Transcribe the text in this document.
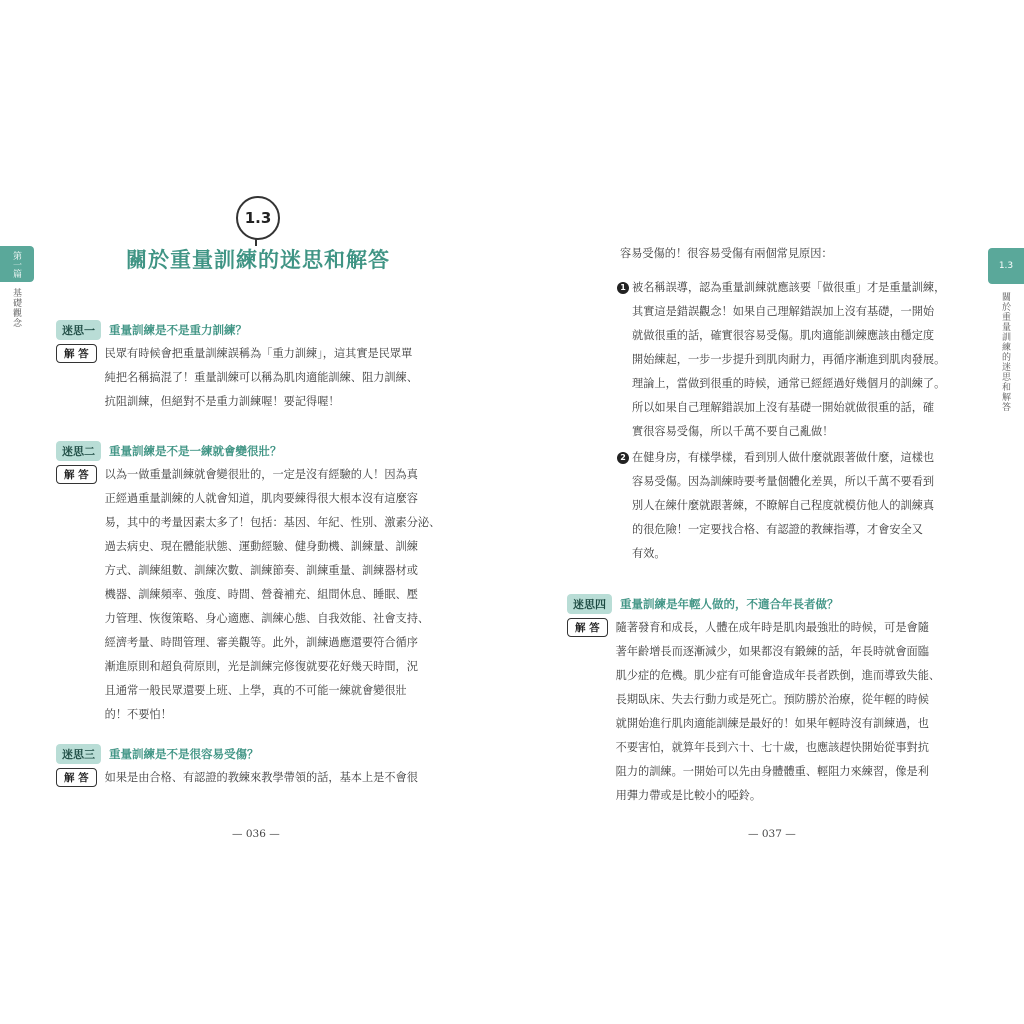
第一篇
基礎觀念
1.3
關於重量訓練的迷思和解答
1.3
關於重量訓練的迷思和解答
迷思一	重量訓練是不是重力訓練？
解 答	民眾有時候會把重量訓練誤稱為「重力訓練」，這其實是民眾單
純把名稱搞混了！重量訓練可以稱為肌肉適能訓練、阻力訓練、
抗阻訓練，但絕對不是重力訓練喔！要記得喔！
迷思二	重量訓練是不是一練就會變很壯？
解 答	以為一做重量訓練就會變很壯的，一定是沒有經驗的人！因為真
正經過重量訓練的人就會知道，肌肉要練得很大根本沒有這麼容
易，其中的考量因素太多了！包括：基因、年紀、性別、激素分泌、
過去病史、現在體能狀態、運動經驗、健身動機、訓練量、訓練
方式、訓練組數、訓練次數、訓練節奏、訓練重量、訓練器材或
機器、訓練頻率、強度、時間、營養補充、組間休息、睡眠、壓
力管理、恢復策略、身心適應、訓練心態、自我效能、社會支持、
經濟考量、時間管理、審美觀等。此外，訓練過應還要符合循序
漸進原則和超負荷原則，光是訓練完修復就要花好幾天時間，況
且通常一般民眾還要上班、上學，真的不可能一練就會變很壯
的！不要怕！
迷思三	重量訓練是不是很容易受傷？
解 答	如果是由合格、有認證的教練來教學帶領的話，基本上是不會很
— 036 —
容易受傷的！很容易受傷有兩個常見原因：
1 被名稱誤導，認為重量訓練就應該要「做很重」才是重量訓練，
其實這是錯誤觀念！如果自己理解錯誤加上沒有基礎，一開始
就做很重的話，確實很容易受傷。肌肉適能訓練應該由穩定度
開始練起，一步一步提升到肌肉耐力，再循序漸進到肌肉發展。
理論上，當做到很重的時候，通常已經經過好幾個月的訓練了。
所以如果自己理解錯誤加上沒有基礎一開始就做很重的話，確
實很容易受傷，所以千萬不要自己亂做！
2 在健身房，有樣學樣，看到別人做什麼就跟著做什麼，這樣也
容易受傷。因為訓練時要考量個體化差異，所以千萬不要看到
別人在練什麼就跟著練，不瞭解自己程度就模仿他人的訓練真
的很危險！一定要找合格、有認證的教練指導，才會安全又
有效。
迷思四	重量訓練是年輕人做的，不適合年長者做？
解 答	隨著發育和成長，人體在成年時是肌肉最強壯的時候，可是會隨
著年齡增長而逐漸減少，如果都沒有鍛練的話，年長時就會面臨
肌少症的危機。肌少症有可能會造成年長者跌倒，進而導致失能、
長期臥床、失去行動力或是死亡。預防勝於治療，從年輕的時候
就開始進行肌肉適能訓練是最好的！如果年輕時沒有訓練過，也
不要害怕，就算年長到六十、七十歲，也應該趕快開始從事對抗
阻力的訓練。一開始可以先由身體體重、輕阻力來練習，像是利
用彈力帶或是比較小的啞鈴。
— 037 —
